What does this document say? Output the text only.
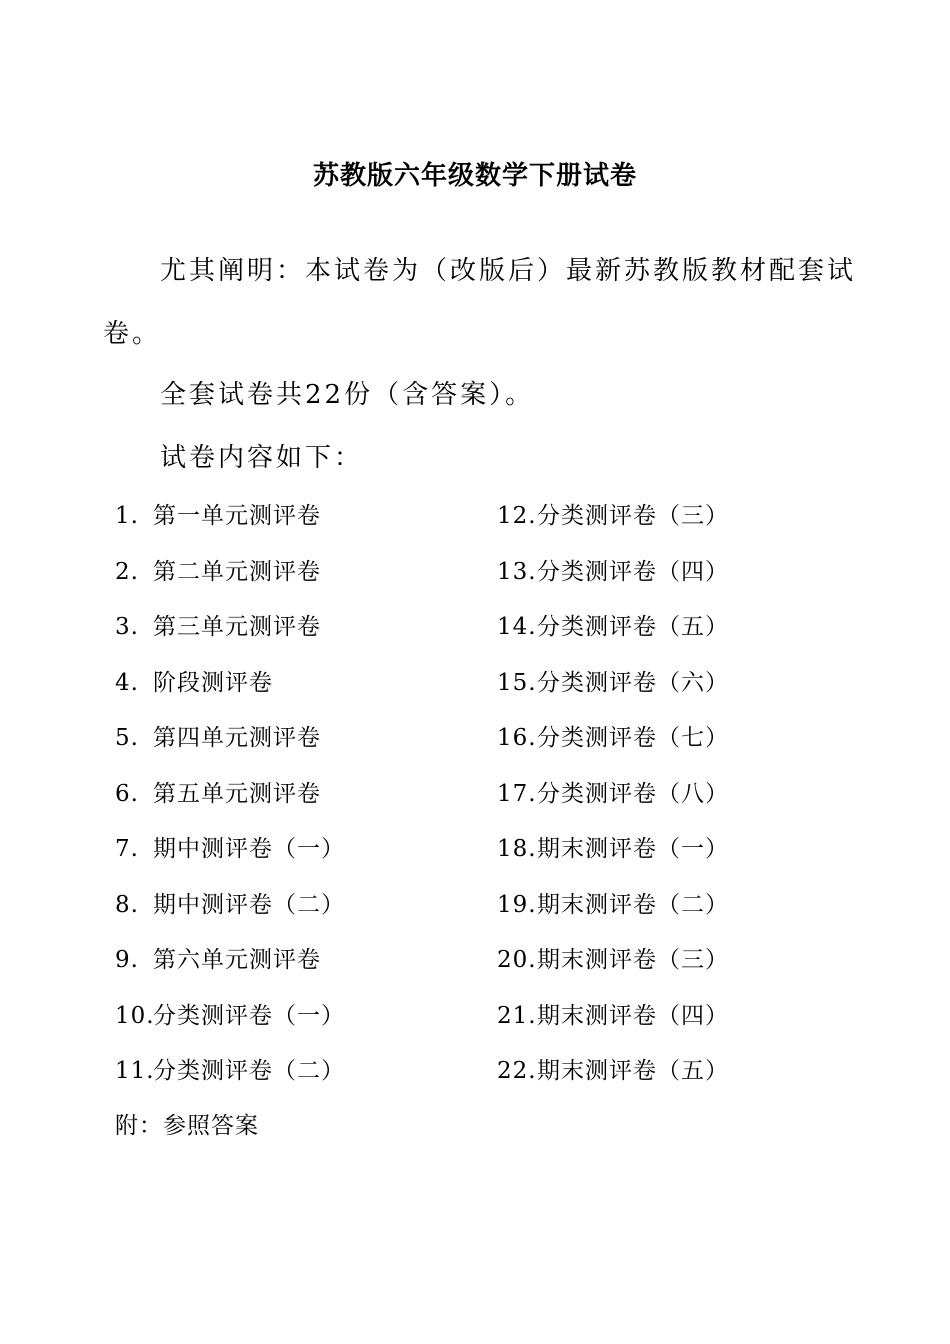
苏教版六年级数学下册试卷
尤其阐明：本试卷为（改版后）最新苏教版教材配套试
卷。
全套试卷共22份（含答案）。
试卷内容如下：
1. 第一单元测评卷
2. 第二单元测评卷
3. 第三单元测评卷
4. 阶段测评卷
5. 第四单元测评卷
6. 第五单元测评卷
7. 期中测评卷（一）
8. 期中测评卷（二）
9. 第六单元测评卷
10.分类测评卷（一）
11.分类测评卷（二）
12.分类测评卷（三）
13.分类测评卷（四）
14.分类测评卷（五）
15.分类测评卷（六）
16.分类测评卷（七）
17.分类测评卷（八）
18.期末测评卷（一）
19.期末测评卷（二）
20.期末测评卷（三）
21.期末测评卷（四）
22.期末测评卷（五）
附：参照答案
